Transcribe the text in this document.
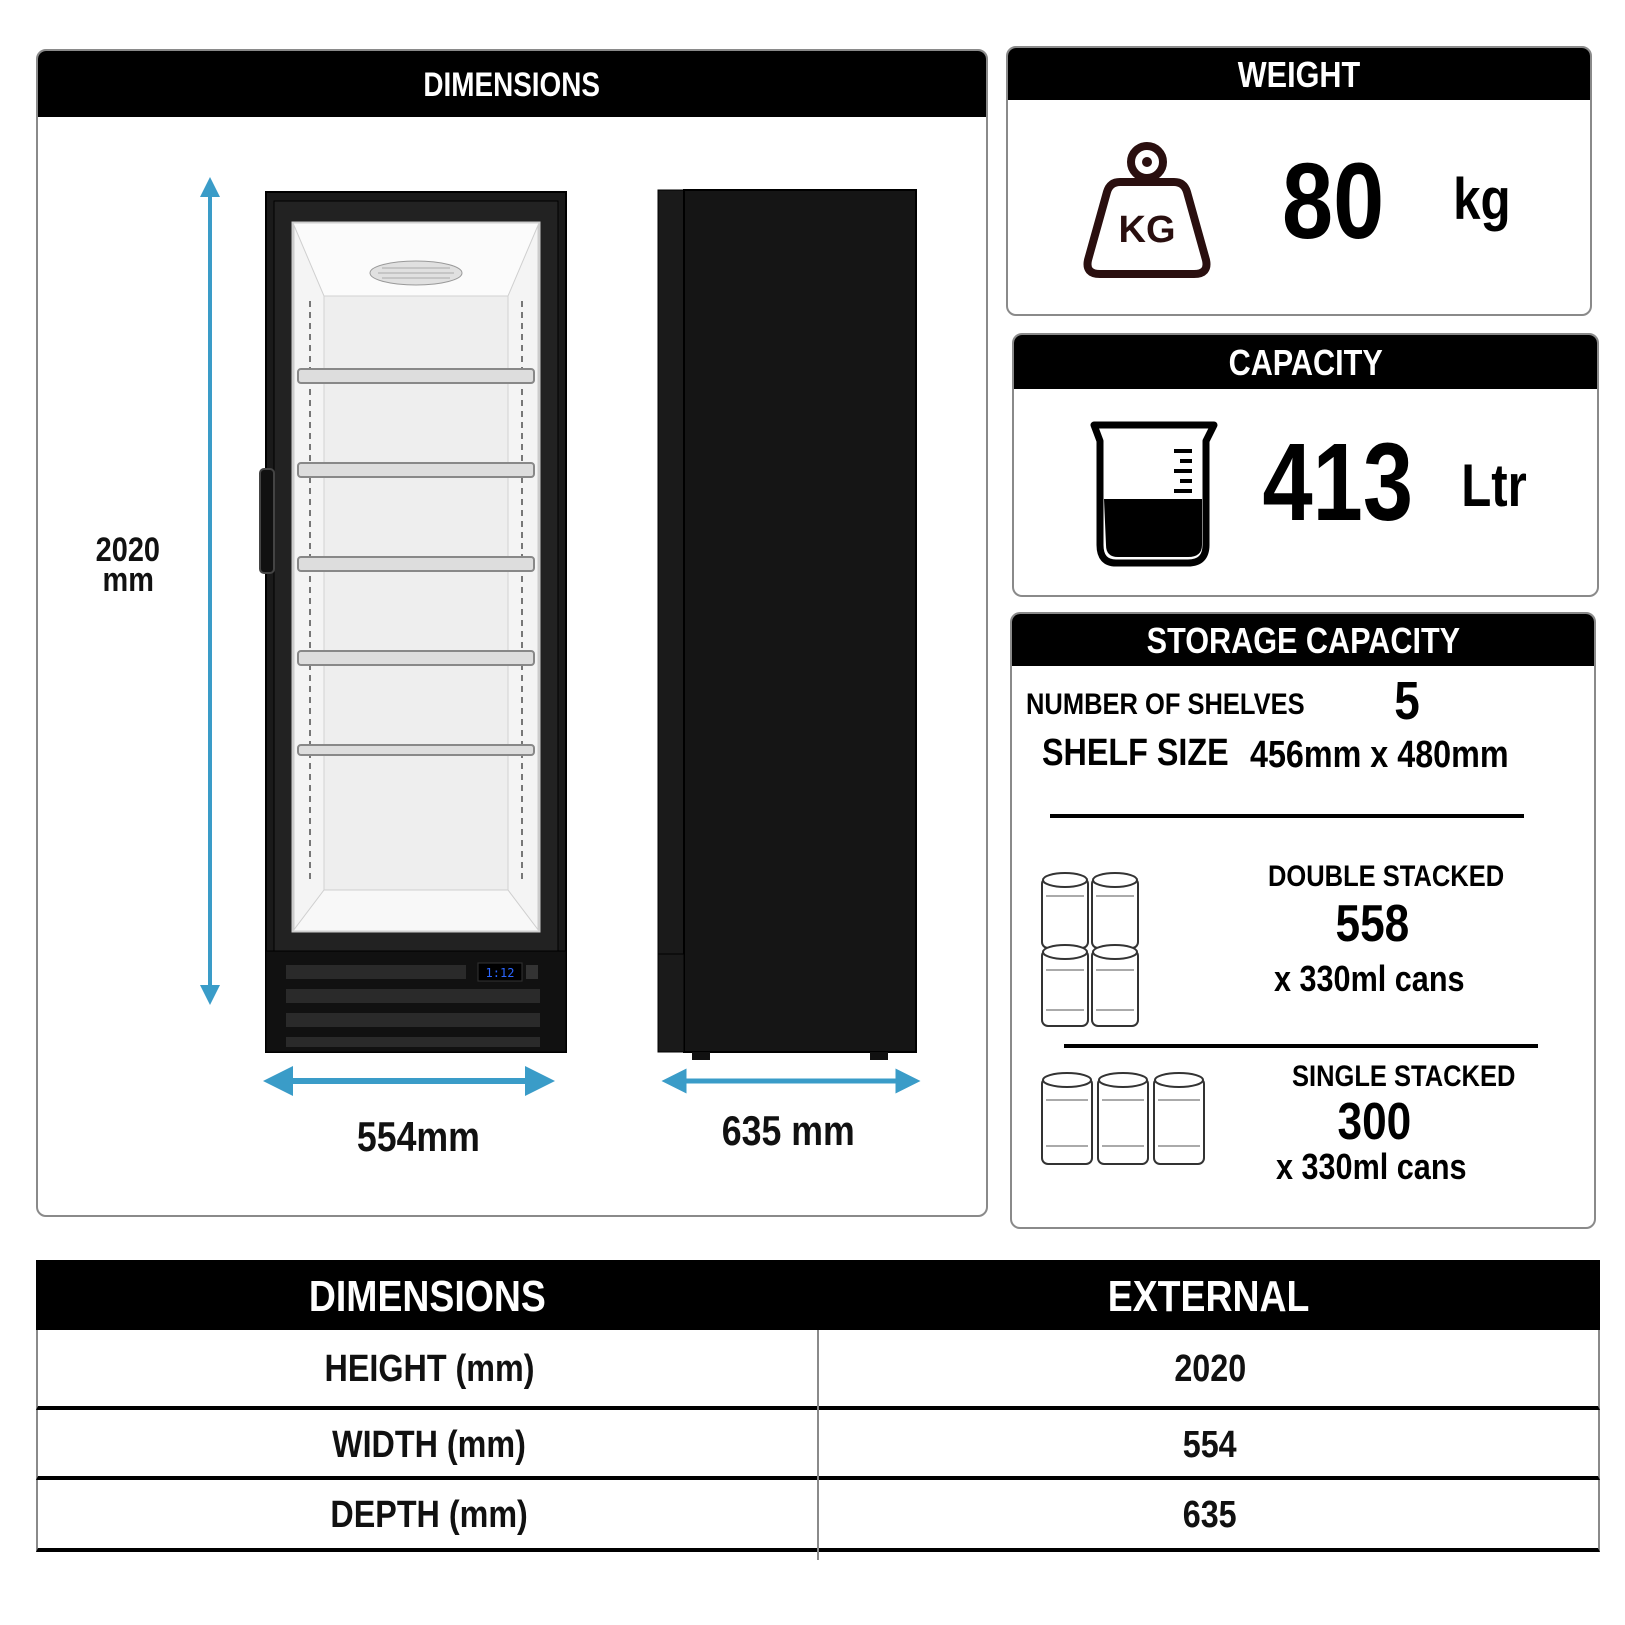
DIMENSIONS
1:12
2020
mm
554mm	635 mm
WEIGHT
KG 80	kg
CAPACITY
413 Ltr
STORAGE CAPACITY
NUMBER OF SHELVES	5
SHELF SIZE 456mm x 480mm
DOUBLE STACKED
558
x 330ml cans
SINGLE STACKED
300
x 330ml cans
DIMENSIONS	EXTERNAL
HEIGHT (mm)	2020
WIDTH (mm)	554
DEPTH (mm)	635
